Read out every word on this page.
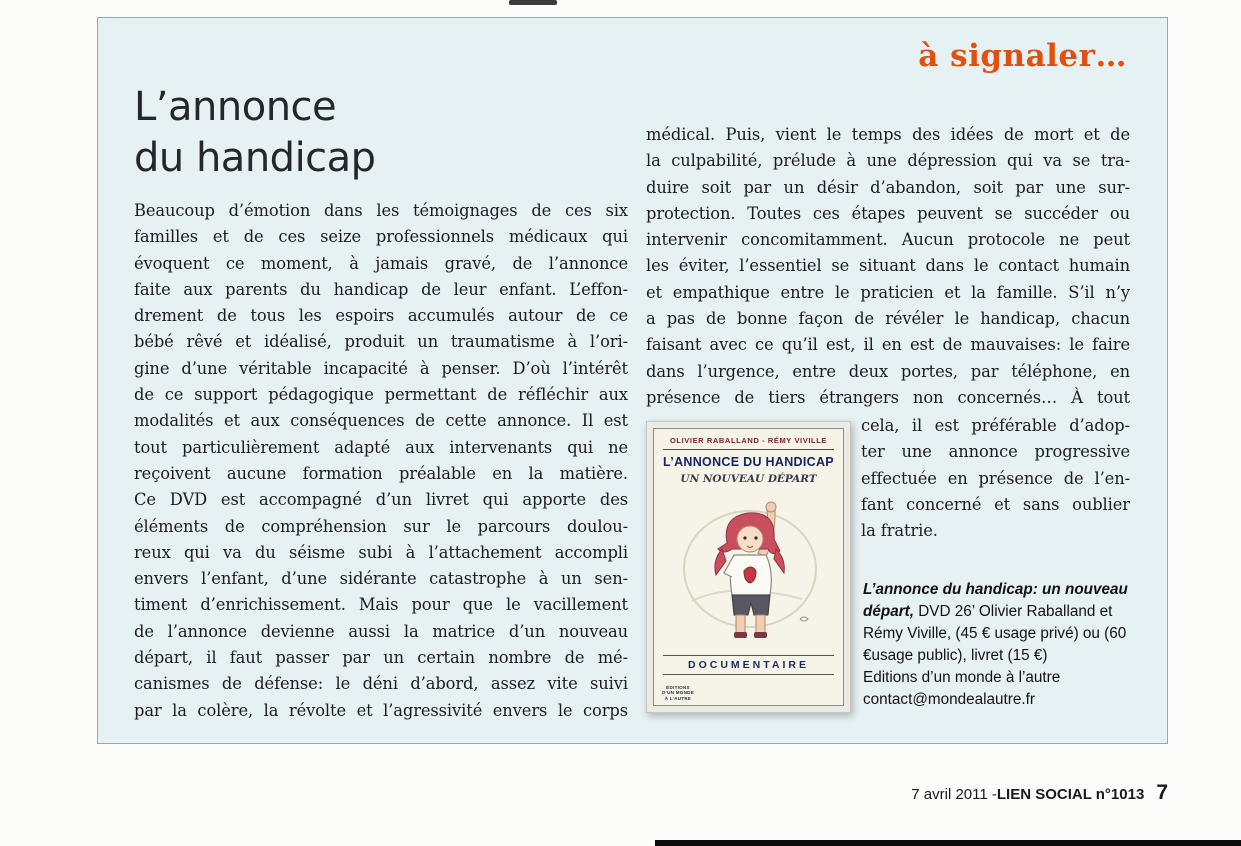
à signaler…
L’annonce
du handicap
Beaucoup d’émotion dans les témoignages de ces six
familles et de ces seize professionnels médicaux qui
évoquent ce moment, à jamais gravé, de l’annonce
faite aux parents du handicap de leur enfant. L’effon-
drement de tous les espoirs accumulés autour de ce
bébé rêvé et idéalisé, produit un traumatisme à l’ori-
gine d’une véritable incapacité à penser. D’où l’intérêt
de ce support pédagogique permettant de réfléchir aux
modalités et aux conséquences de cette annonce. Il est
tout particulièrement adapté aux intervenants qui ne
reçoivent aucune formation préalable en la matière.
Ce DVD est accompagné d’un livret qui apporte des
éléments de compréhension sur le parcours doulou-
reux qui va du séisme subi à l’attachement accompli
envers l’enfant, d’une sidérante catastrophe à un sen-
timent d’enrichissement. Mais pour que le vacillement
de l’annonce devienne aussi la matrice d’un nouveau
départ, il faut passer par un certain nombre de mé-
canismes de défense: le déni d’abord, assez vite suivi
par la colère, la révolte et l’agressivité envers le corps
médical. Puis, vient le temps des idées de mort et de
la culpabilité, prélude à une dépression qui va se tra-
duire soit par un désir d’abandon, soit par une sur-
protection. Toutes ces étapes peuvent se succéder ou
intervenir concomitamment. Aucun protocole ne peut
les éviter, l’essentiel se situant dans le contact humain
et empathique entre le praticien et la famille. S’il n’y
a pas de bonne façon de révéler le handicap, chacun
faisant avec ce qu’il est, il en est de mauvaises: le faire
dans l’urgence, entre deux portes, par téléphone, en
présence de tiers étrangers non concernés… À tout
cela, il est préférable d’adop-
ter une annonce progressive
effectuée en présence de l’en-
fant concerné et sans oublier
la fratrie.
OLIVIER RABALLAND - RÉMY VIVILLE
L’ANNONCE DU HANDICAP
UN NOUVEAU DÉPART
DOCUMENTAIRE
ÉDITIONS
D’UN MONDE
À L’AUTRE
L’annonce du handicap: un nouveau départ, DVD 26’ Olivier Raballand et Rémy Viville, (45 € usage privé) ou (60 €usage public), livret (15 €)
Editions d’un monde à l’autre
contact@mondealautre.fr
7 avril 2011 - LIEN SOCIAL n°1013 7
